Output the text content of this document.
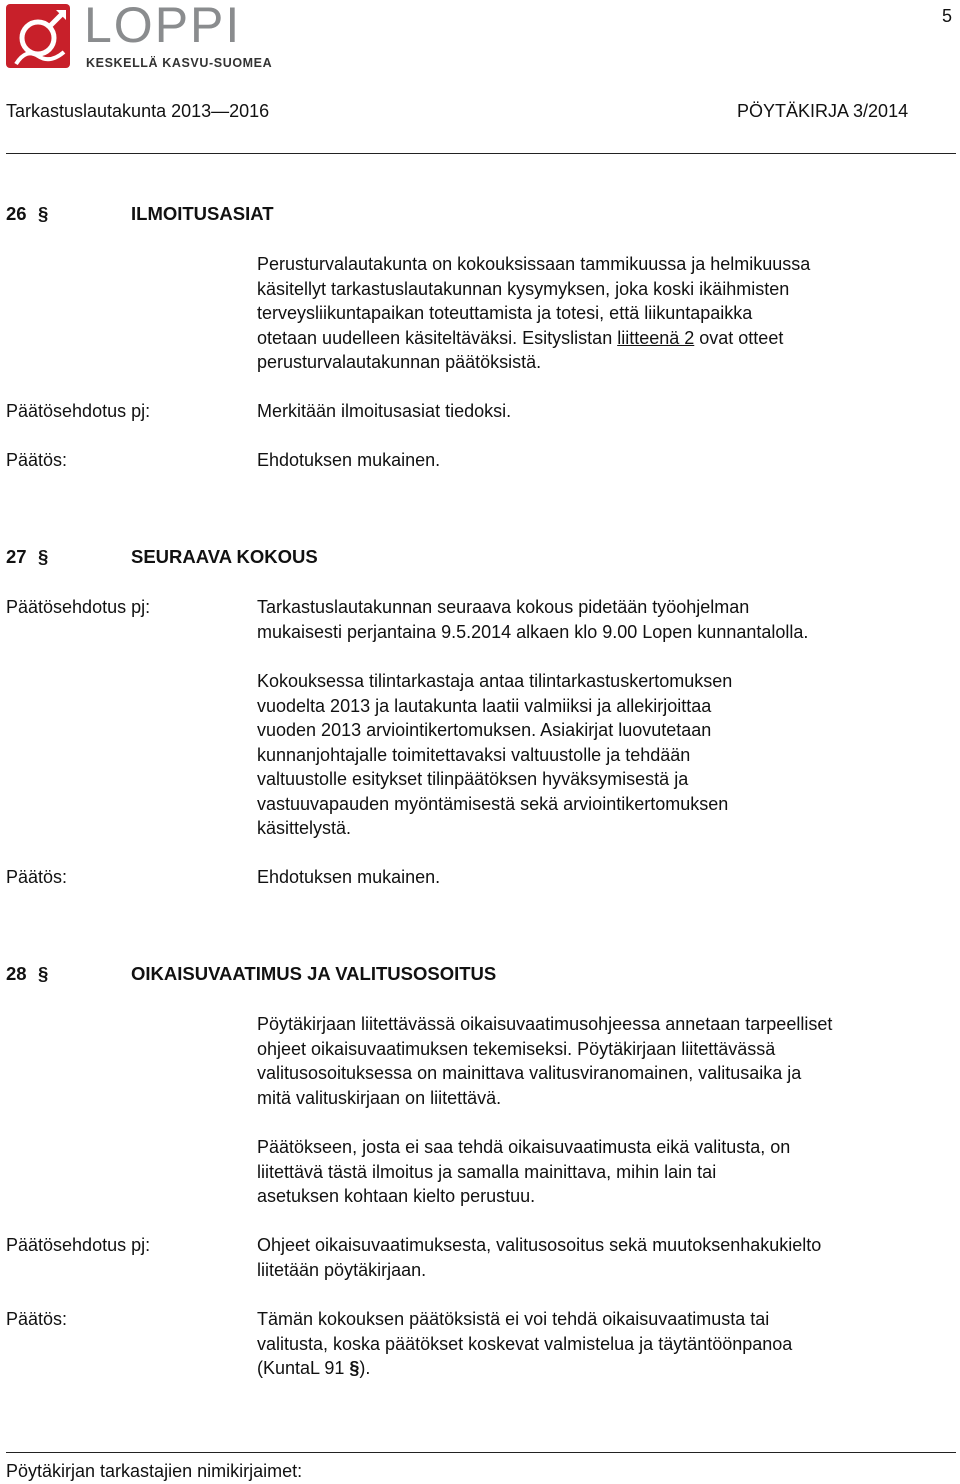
5
LOPPI
KESKELLÄ KASVU-SUOMEA
Tarkastuslautakunta 2013—2016	PÖYTÄKIRJA 3/2014
26 §	ILMOITUSASIAT
Perusturvalautakunta on kokouksissaan tammikuussa ja helmikuussa
käsitellyt tarkastuslautakunnan kysymyksen, joka koski ikäihmisten
terveysliikuntapaikan toteuttamista ja totesi, että liikuntapaikka
otetaan uudelleen käsiteltäväksi. Esityslistan liitteenä 2 ovat otteet
perusturvalautakunnan päätöksistä.
Päätösehdotus pj:	Merkitään ilmoitusasiat tiedoksi.
Päätös:	Ehdotuksen mukainen.
27 §	SEURAAVA KOKOUS
Päätösehdotus pj:	Tarkastuslautakunnan seuraava kokous pidetään työohjelman
mukaisesti perjantaina 9.5.2014 alkaen klo 9.00 Lopen kunnantalolla.
Kokouksessa tilintarkastaja antaa tilintarkastuskertomuksen
vuodelta 2013 ja lautakunta laatii valmiiksi ja allekirjoittaa
vuoden 2013 arviointikertomuksen. Asiakirjat luovutetaan
kunnanjohtajalle toimitettavaksi valtuustolle ja tehdään
valtuustolle esitykset tilinpäätöksen hyväksymisestä ja
vastuuvapauden myöntämisestä sekä arviointikertomuksen
käsittelystä.
Päätös:	Ehdotuksen mukainen.
28 §	OIKAISUVAATIMUS JA VALITUSOSOITUS
Pöytäkirjaan liitettävässä oikaisuvaatimusohjeessa annetaan tarpeelliset
ohjeet oikaisuvaatimuksen tekemiseksi. Pöytäkirjaan liitettävässä
valitusosoituksessa on mainittava valitusviranomainen, valitusaika ja
mitä valituskirjaan on liitettävä.
Päätökseen, josta ei saa tehdä oikaisuvaatimusta eikä valitusta, on
liitettävä tästä ilmoitus ja samalla mainittava, mihin lain tai
asetuksen kohtaan kielto perustuu.
Päätösehdotus pj:	Ohjeet oikaisuvaatimuksesta, valitusosoitus sekä muutoksenhakukielto
liitetään pöytäkirjaan.
Päätös:	Tämän kokouksen päätöksistä ei voi tehdä oikaisuvaatimusta tai
valitusta, koska päätökset koskevat valmistelua ja täytäntöönpanoa
(KuntaL 91 §).
Pöytäkirjan tarkastajien nimikirjaimet:
